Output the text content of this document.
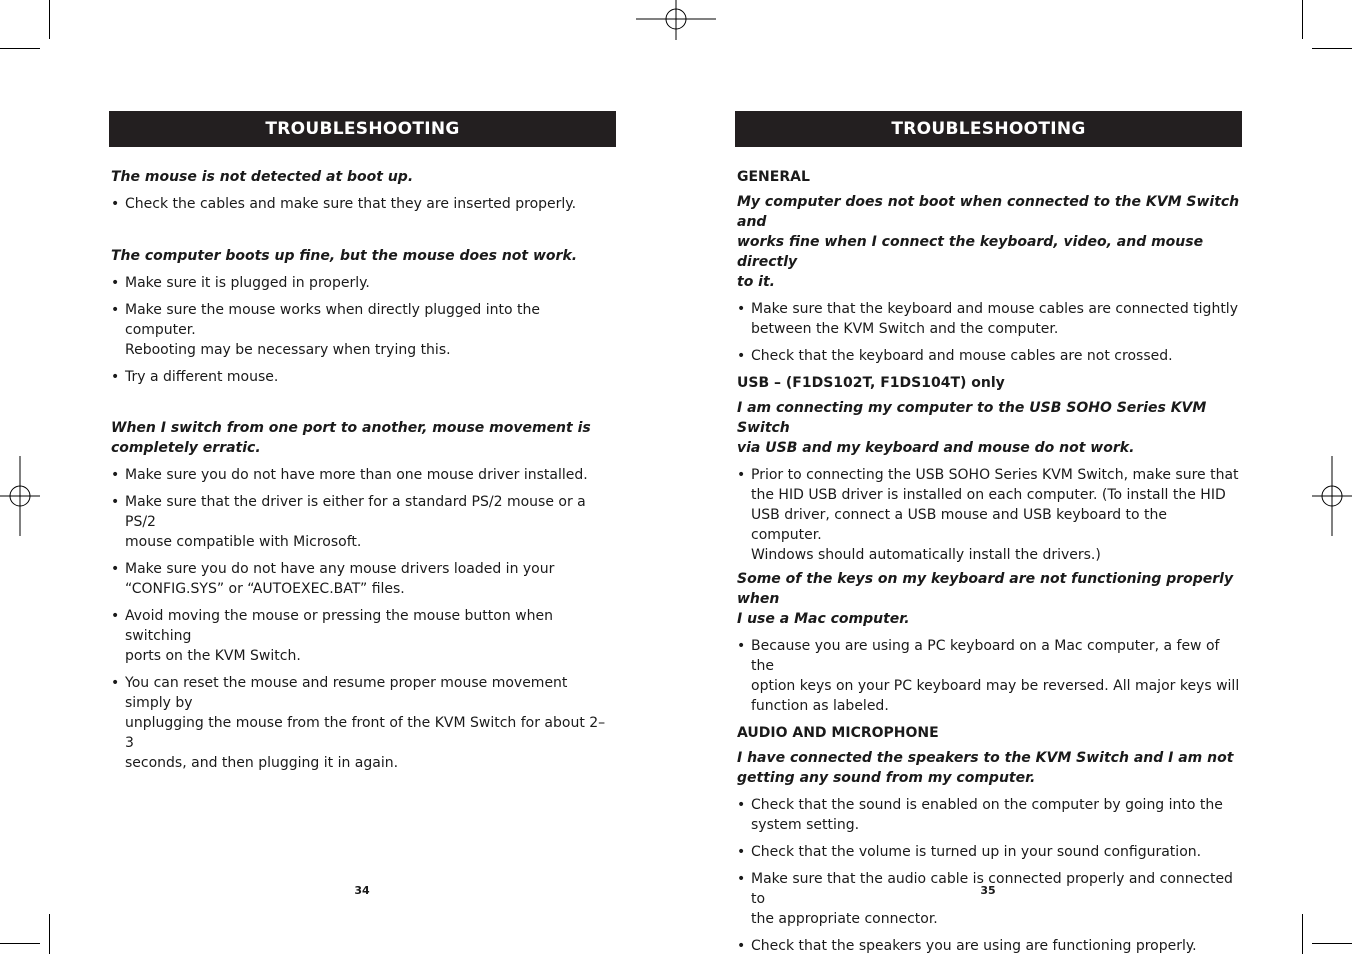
TROUBLESHOOTING

The mouse is not detected at boot up.

• Check the cables and make sure that they are inserted properly.

The computer boots up fine, but the mouse does not work.

• Make sure it is plugged in properly.

• Make sure the mouse works when directly plugged into the computer.
Rebooting may be necessary when trying this.

• Try a different mouse.

When I switch from one port to another, mouse movement is
completely erratic.

• Make sure you do not have more than one mouse driver installed.

• Make sure that the driver is either for a standard PS/2 mouse or a PS/2
mouse compatible with Microsoft.

• Make sure you do not have any mouse drivers loaded in your
“CONFIG.SYS” or “AUTOEXEC.BAT” files.

• Avoid moving the mouse or pressing the mouse button when switching
ports on the KVM Switch.

• You can reset the mouse and resume proper mouse movement simply by
unplugging the mouse from the front of the KVM Switch for about 2–3
seconds, and then plugging it in again.

34
TROUBLESHOOTING

GENERAL

My computer does not boot when connected to the KVM Switch and
works fine when I connect the keyboard, video, and mouse directly
to it.

• Make sure that the keyboard and mouse cables are connected tightly
between the KVM Switch and the computer.

• Check that the keyboard and mouse cables are not crossed.

USB – (F1DS102T, F1DS104T) only

I am connecting my computer to the USB SOHO Series KVM Switch
via USB and my keyboard and mouse do not work.

• Prior to connecting the USB SOHO Series KVM Switch, make sure that
the HID USB driver is installed on each computer. (To install the HID
USB driver, connect a USB mouse and USB keyboard to the computer.
Windows should automatically install the drivers.)

Some of the keys on my keyboard are not functioning properly when
I use a Mac computer.

• Because you are using a PC keyboard on a Mac computer, a few of the
option keys on your PC keyboard may be reversed. All major keys will
function as labeled.

AUDIO AND MICROPHONE

I have connected the speakers to the KVM Switch and I am not
getting any sound from my computer.

• Check that the sound is enabled on the computer by going into the
system setting.

• Check that the volume is turned up in your sound configuration.

• Make sure that the audio cable is connected properly and connected to
the appropriate connector.

• Check that the speakers you are using are functioning properly.

35
